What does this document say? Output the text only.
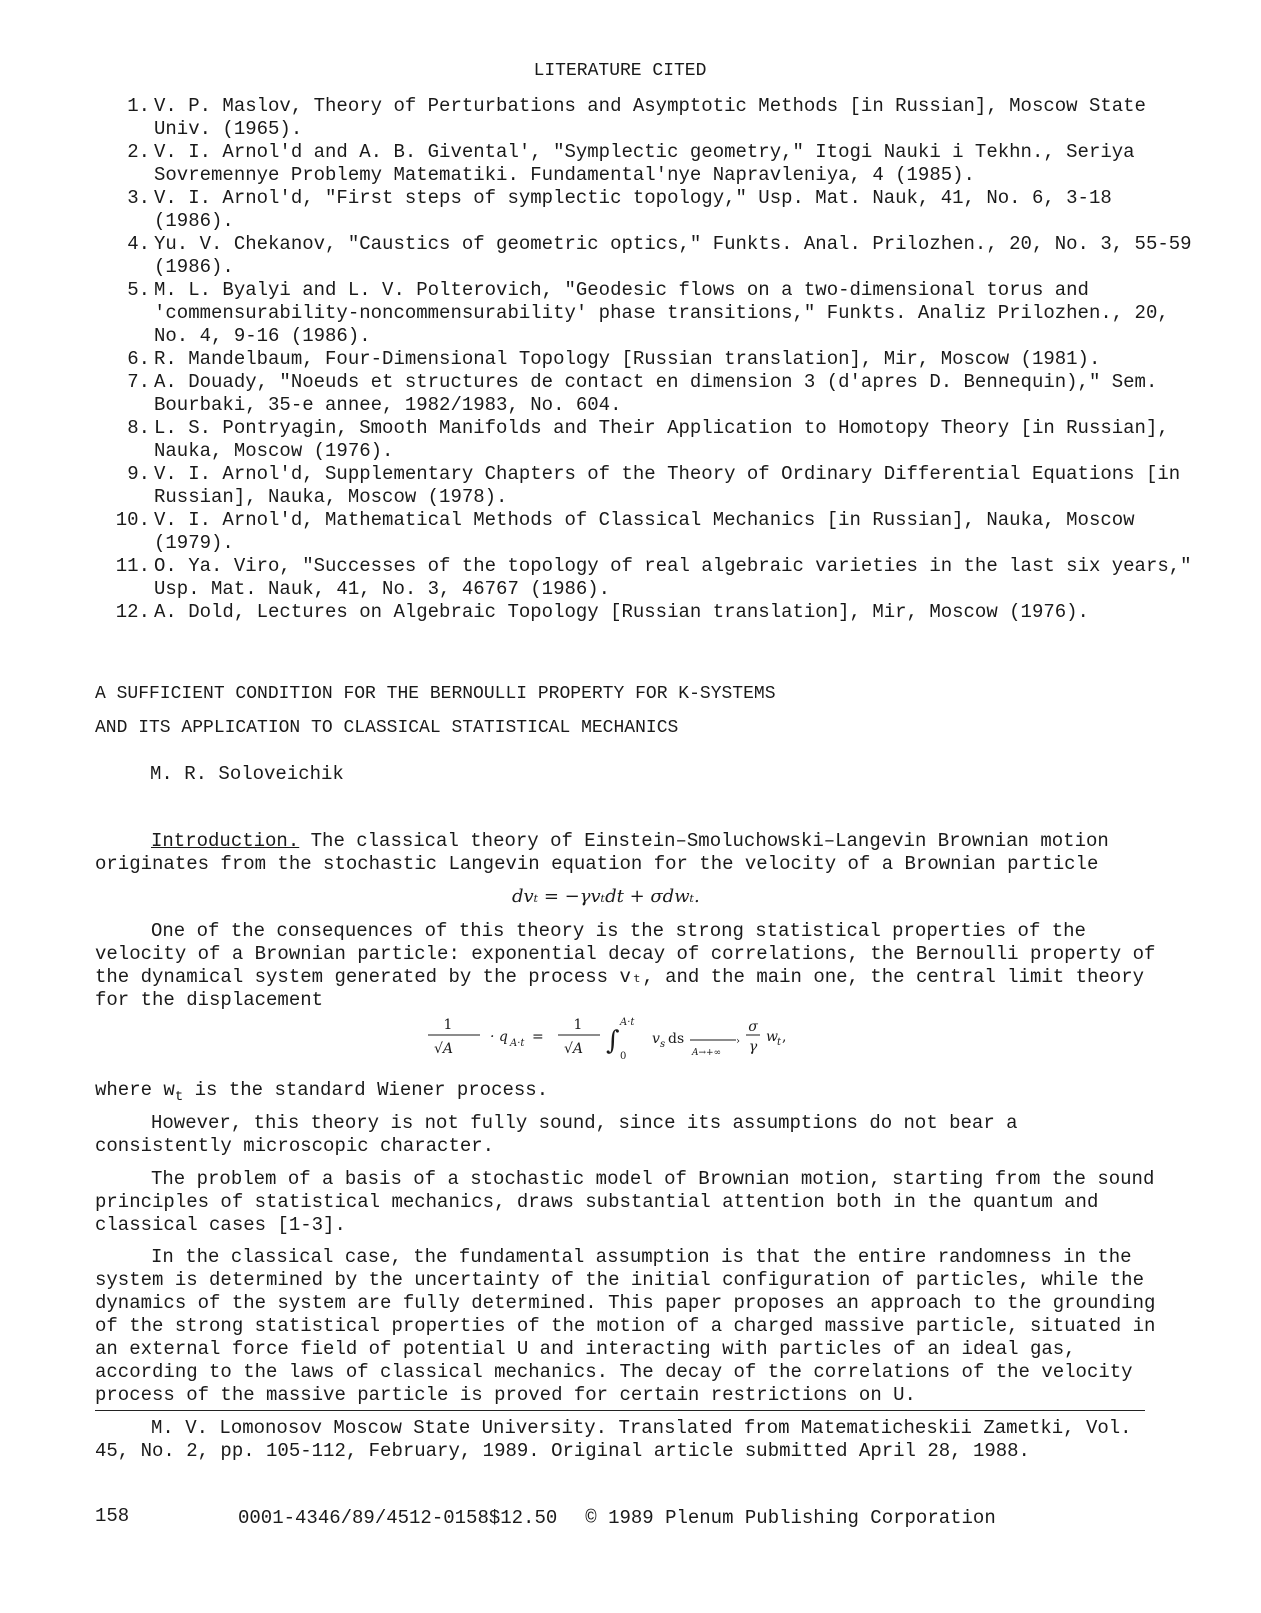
LITERATURE CITED
1. V. P. Maslov, Theory of Perturbations and Asymptotic Methods [in Russian], Moscow State Univ. (1965).
2. V. I. Arnol'd and A. B. Givental', "Symplectic geometry," Itogi Nauki i Tekhn., Seriya Sovremennye Problemy Matematiki. Fundamental'nye Napravleniya, 4 (1985).
3. V. I. Arnol'd, "First steps of symplectic topology," Usp. Mat. Nauk, 41, No. 6, 3-18 (1986).
4. Yu. V. Chekanov, "Caustics of geometric optics," Funkts. Anal. Prilozhen., 20, No. 3, 55-59 (1986).
5. M. L. Byalyi and L. V. Polterovich, "Geodesic flows on a two-dimensional torus and 'commensurability-noncommensurability' phase transitions," Funkts. Analiz Prilozhen., 20, No. 4, 9-16 (1986).
6. R. Mandelbaum, Four-Dimensional Topology [Russian translation], Mir, Moscow (1981).
7. A. Douady, "Noeuds et structures de contact en dimension 3 (d'apres D. Bennequin)," Sem. Bourbaki, 35-e annee, 1982/1983, No. 604.
8. L. S. Pontryagin, Smooth Manifolds and Their Application to Homotopy Theory [in Russian], Nauka, Moscow (1976).
9. V. I. Arnol'd, Supplementary Chapters of the Theory of Ordinary Differential Equations [in Russian], Nauka, Moscow (1978).
10. V. I. Arnol'd, Mathematical Methods of Classical Mechanics [in Russian], Nauka, Moscow (1979).
11. O. Ya. Viro, "Successes of the topology of real algebraic varieties in the last six years," Usp. Mat. Nauk, 41, No. 3, 46767 (1986).
12. A. Dold, Lectures on Algebraic Topology [Russian translation], Mir, Moscow (1976).
A SUFFICIENT CONDITION FOR THE BERNOULLI PROPERTY FOR K-SYSTEMS
AND ITS APPLICATION TO CLASSICAL STATISTICAL MECHANICS
M. R. Soloveichik
Introduction. The classical theory of Einstein–Smoluchowski–Langevin Brownian motion originates from the stochastic Langevin equation for the velocity of a Brownian particle
dvₜ = −γvₜdt + σdwₜ.
One of the consequences of this theory is the strong statistical properties of the velocity of a Brownian particle: exponential decay of correlations, the Bernoulli property of the dynamical system generated by the process vₜ, and the main one, the central limit theory for the displacement
1
√A
· q A·t =
1
√A ∫
A·t
0
v s ds	›
A→+∞
σ
γ
w t ,
where $w_t$ is the standard Wiener process.
However, this theory is not fully sound, since its assumptions do not bear a consistently microscopic character.
The problem of a basis of a stochastic model of Brownian motion, starting from the sound principles of statistical mechanics, draws substantial attention both in the quantum and classical cases [1-3].
In the classical case, the fundamental assumption is that the entire randomness in the system is determined by the uncertainty of the initial configuration of particles, while the dynamics of the system are fully determined. This paper proposes an approach to the grounding of the strong statistical properties of the motion of a charged massive particle, situated in an external force field of potential U and interacting with particles of an ideal gas, according to the laws of classical mechanics. The decay of the correlations of the velocity process of the massive particle is proved for certain restrictions on U.
M. V. Lomonosov Moscow State University. Translated from Matematicheskii Zametki, Vol. 45, No. 2, pp. 105-112, February, 1989. Original article submitted April 28, 1988.
158	0001-4346/89/4512-0158$12.50 © 1989 Plenum Publishing Corporation
